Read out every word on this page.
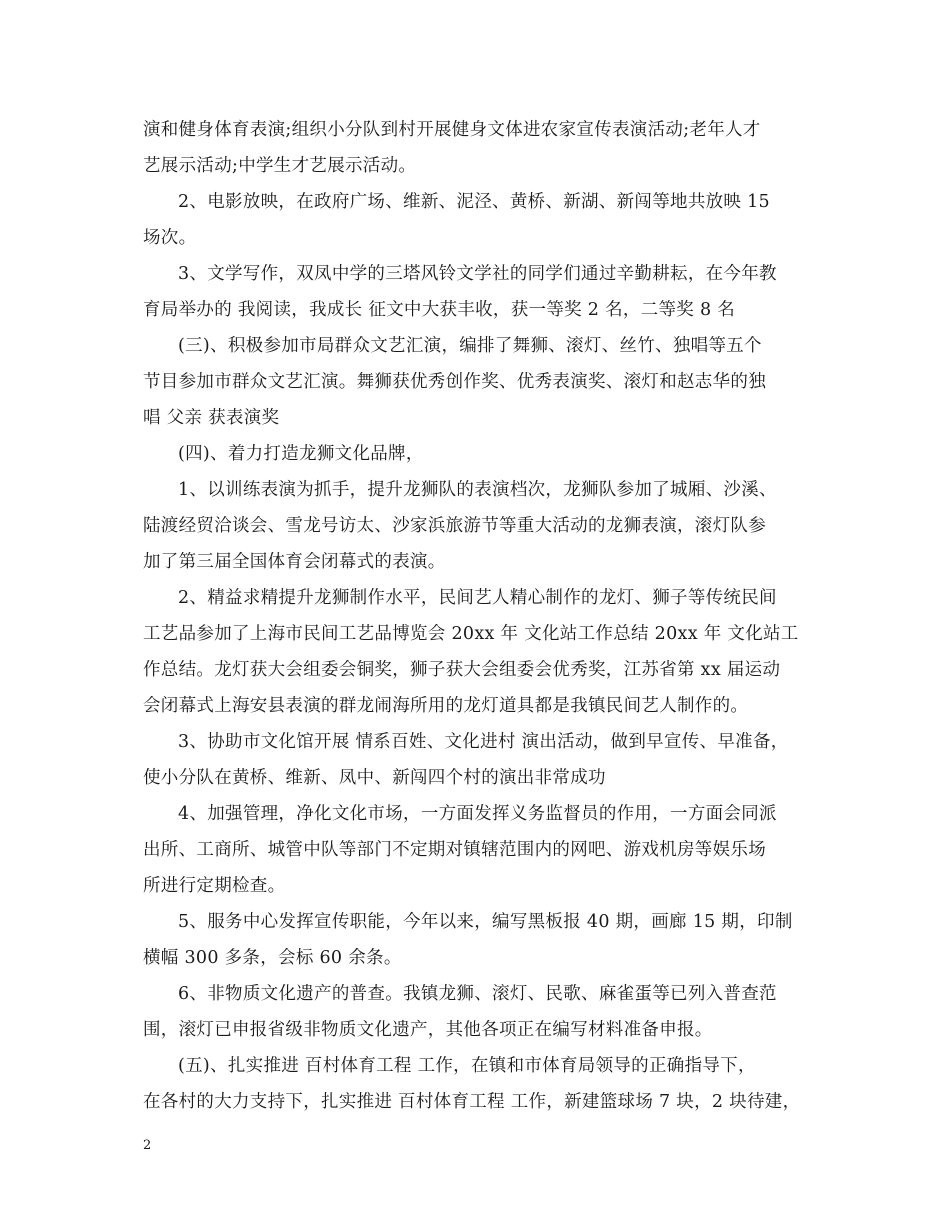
演和健身体育表演;组织小分队到村开展健身文体进农家宣传表演活动;老年人才
艺展示活动;中学生才艺展示活动。
2、电影放映，在政府广场、维新、泥泾、黄桥、新湖、新闯等地共放映 15
场次。
3、文学写作，双凤中学的三塔风铃文学社的同学们通过辛勤耕耘，在今年教
育局举办的 我阅读，我成长 征文中大获丰收，获一等奖 2 名，二等奖 8 名
(三)、积极参加市局群众文艺汇演，编排了舞狮、滚灯、丝竹、独唱等五个
节目参加市群众文艺汇演。舞狮获优秀创作奖、优秀表演奖、滚灯和赵志华的独
唱 父亲 获表演奖
(四)、着力打造龙狮文化品牌，
1、以训练表演为抓手，提升龙狮队的表演档次，龙狮队参加了城厢、沙溪、
陆渡经贸洽谈会、雪龙号访太、沙家浜旅游节等重大活动的龙狮表演，滚灯队参
加了第三届全国体育会闭幕式的表演。
2、精益求精提升龙狮制作水平，民间艺人精心制作的龙灯、狮子等传统民间
工艺品参加了上海市民间工艺品博览会 20xx 年 文化站工作总结 20xx 年 文化站工
作总结。龙灯获大会组委会铜奖，狮子获大会组委会优秀奖，江苏省第 xx 届运动
会闭幕式上海安县表演的群龙闹海所用的龙灯道具都是我镇民间艺人制作的。
3、协助市文化馆开展 情系百姓、文化进村 演出活动，做到早宣传、早准备，
使小分队在黄桥、维新、凤中、新闯四个村的演出非常成功
4、加强管理，净化文化市场，一方面发挥义务监督员的作用，一方面会同派
出所、工商所、城管中队等部门不定期对镇辖范围内的网吧、游戏机房等娱乐场
所进行定期检查。
5、服务中心发挥宣传职能，今年以来，编写黑板报 40 期，画廊 15 期，印制
横幅 300 多条，会标 60 余条。
6、非物质文化遗产的普查。我镇龙狮、滚灯、民歌、麻雀蛋等已列入普查范
围，滚灯已申报省级非物质文化遗产，其他各项正在编写材料准备申报。
(五)、扎实推进 百村体育工程 工作，在镇和市体育局领导的正确指导下，
在各村的大力支持下，扎实推进 百村体育工程 工作，新建篮球场 7 块，2 块待建，
2
